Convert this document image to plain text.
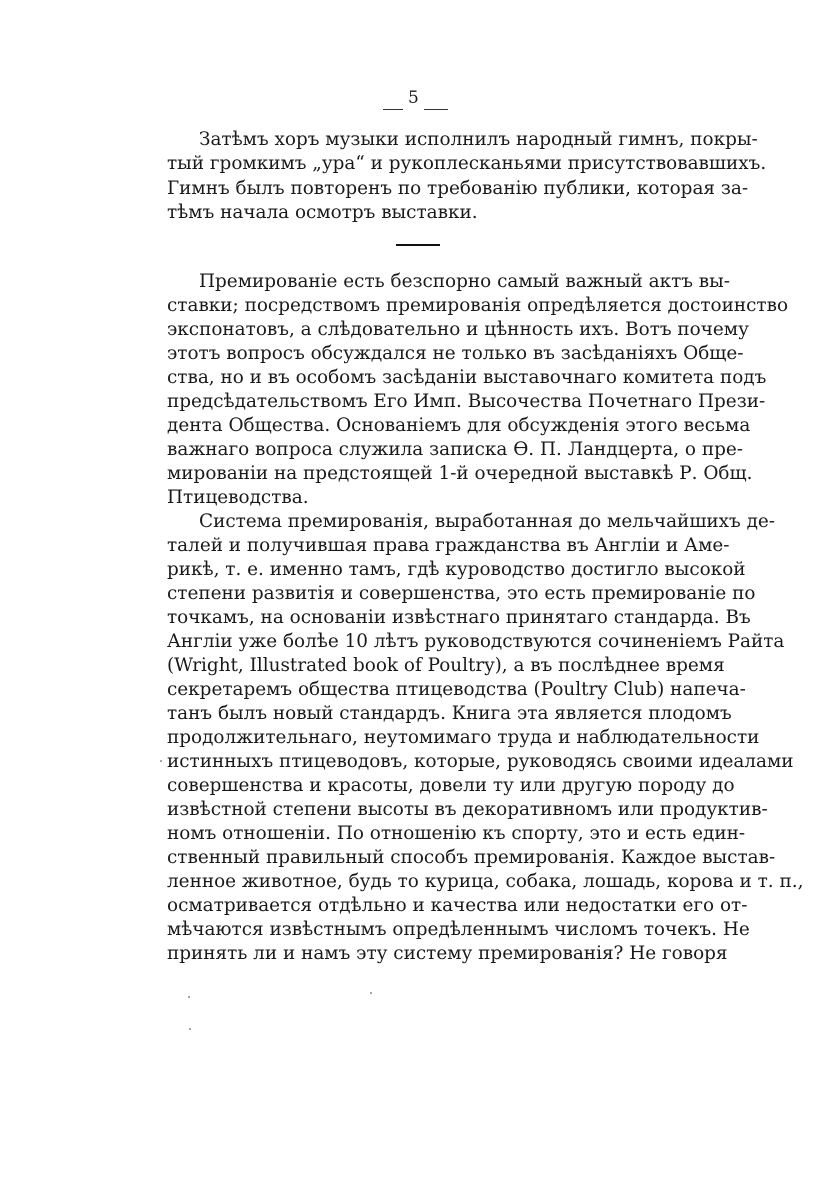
5
Затѣмъ хоръ музыки исполнилъ народный гимнъ, покры-
тый громкимъ „ура“ и рукоплесканьями присутствовавшихъ.
Гимнъ былъ повторенъ по требованію публики, которая за-
тѣмъ начала осмотръ выставки.
Премированіе есть безспорно самый важный актъ вы-
ставки; посредствомъ премированія опредѣляется достоинство
экспонатовъ, а слѣдовательно и цѣнность ихъ. Вотъ почему
этотъ вопросъ обсуждался не только въ засѣданіяхъ Обще-
ства, но и въ особомъ засѣданіи выставочнаго комитета подъ
предсѣдательствомъ Его Имп. Высочества Почетнаго Прези-
дента Общества. Основаніемъ для обсужденія этого весьма
важнаго вопроса служила записка Ѳ. П. Ландцерта, о пре-
мированіи на предстоящей 1-й очередной выставкѣ Р. Общ.
Птицеводства.
Система премированія, выработанная до мельчайшихъ де-
талей и получившая права гражданства въ Англіи и Аме-
рикѣ, т. е. именно тамъ, гдѣ куроводство достигло высокой
степени развитія и совершенства, это есть премированіе по
точкамъ, на основаніи извѣстнаго принятаго стандарда. Въ
Англіи уже болѣе 10 лѣтъ руководствуются сочиненіемъ Райта
(Wright, Illustrated book of Poultry), а въ послѣднее время
секретаремъ общества птицеводства (Poultry Club) напеча-
танъ былъ новый стандардъ. Книга эта является плодомъ
продолжительнаго, неутомимаго труда и наблюдательности
истинныхъ птицеводовъ, которые, руководясь своими идеалами
совершенства и красоты, довели ту или другую породу до
извѣстной степени высоты въ декоративномъ или продуктив-
номъ отношеніи. По отношенію къ спорту, это и есть един-
ственный правильный способъ премированія. Каждое выстав-
ленное животное, будь то курица, собака, лошадь, корова и т. п.,
осматривается отдѣльно и качества или недостатки его от-
мѣчаются извѣстнымъ опредѣленнымъ числомъ точекъ. Не
принять ли и намъ эту систему премированія? Не говоря
